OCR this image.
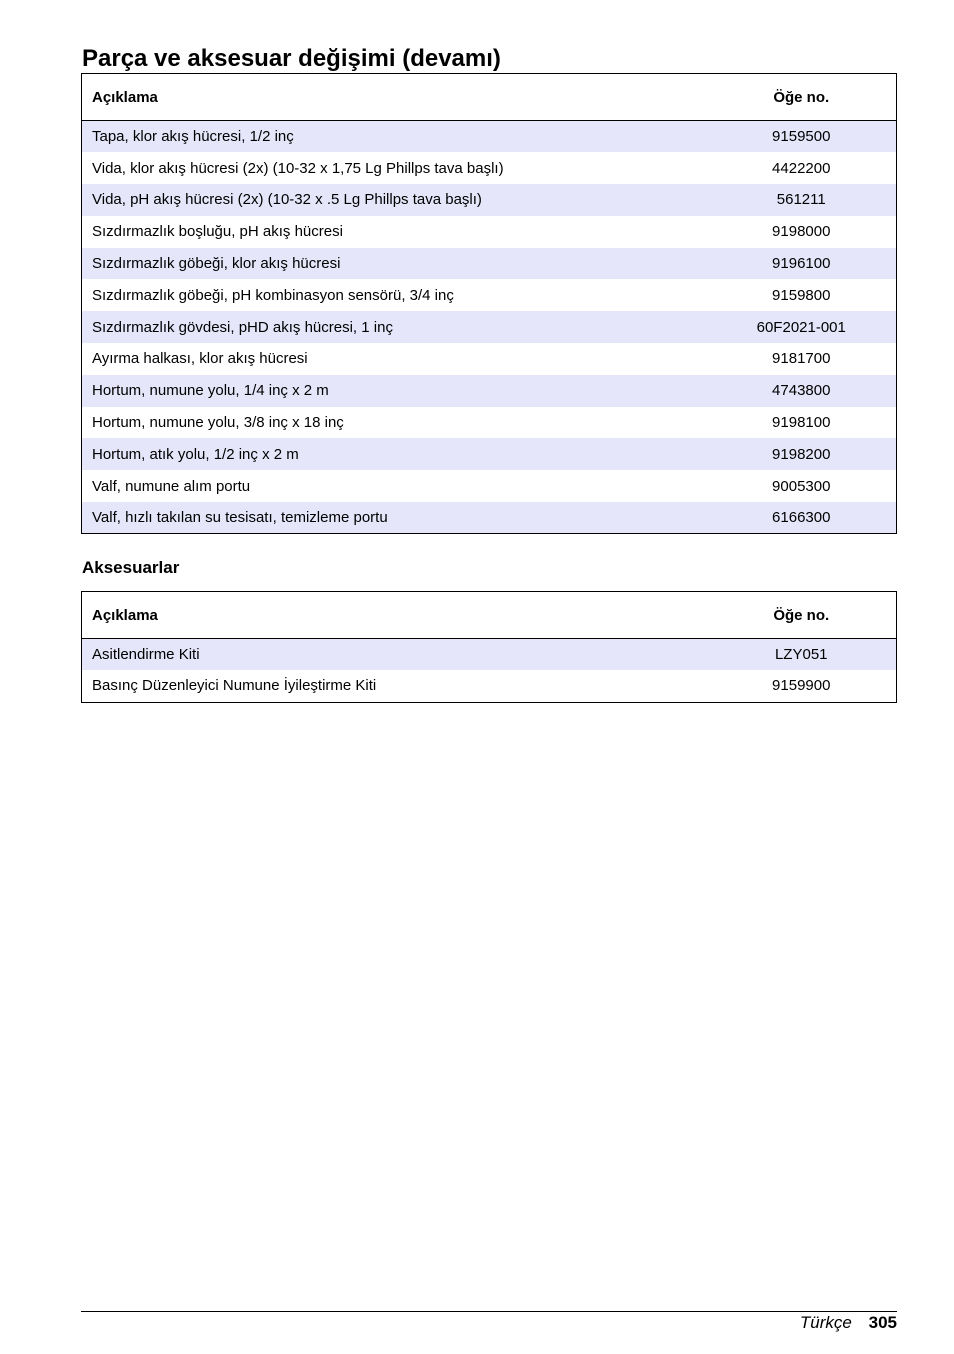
Parça ve aksesuar değişimi (devamı)
Açıklama	Öğe no.
Tapa, klor akış hücresi, 1/2 inç	9159500
Vida, klor akış hücresi (2x) (10-32 x 1,75 Lg Phillps tava başlı)	4422200
Vida, pH akış hücresi (2x) (10-32 x .5 Lg Phillps tava başlı)	561211
Sızdırmazlık boşluğu, pH akış hücresi	9198000
Sızdırmazlık göbeği, klor akış hücresi	9196100
Sızdırmazlık göbeği, pH kombinasyon sensörü, 3/4 inç	9159800
Sızdırmazlık gövdesi, pHD akış hücresi, 1 inç	60F2021-001
Ayırma halkası, klor akış hücresi	9181700
Hortum, numune yolu, 1/4 inç x 2 m	4743800
Hortum, numune yolu, 3/8 inç x 18 inç	9198100
Hortum, atık yolu, 1/2 inç x 2 m	9198200
Valf, numune alım portu	9005300
Valf, hızlı takılan su tesisatı, temizleme portu	6166300
Aksesuarlar
Açıklama	Öğe no.
Asitlendirme Kiti	LZY051
Basınç Düzenleyici Numune İyileştirme Kiti	9159900
Türkçe 305
